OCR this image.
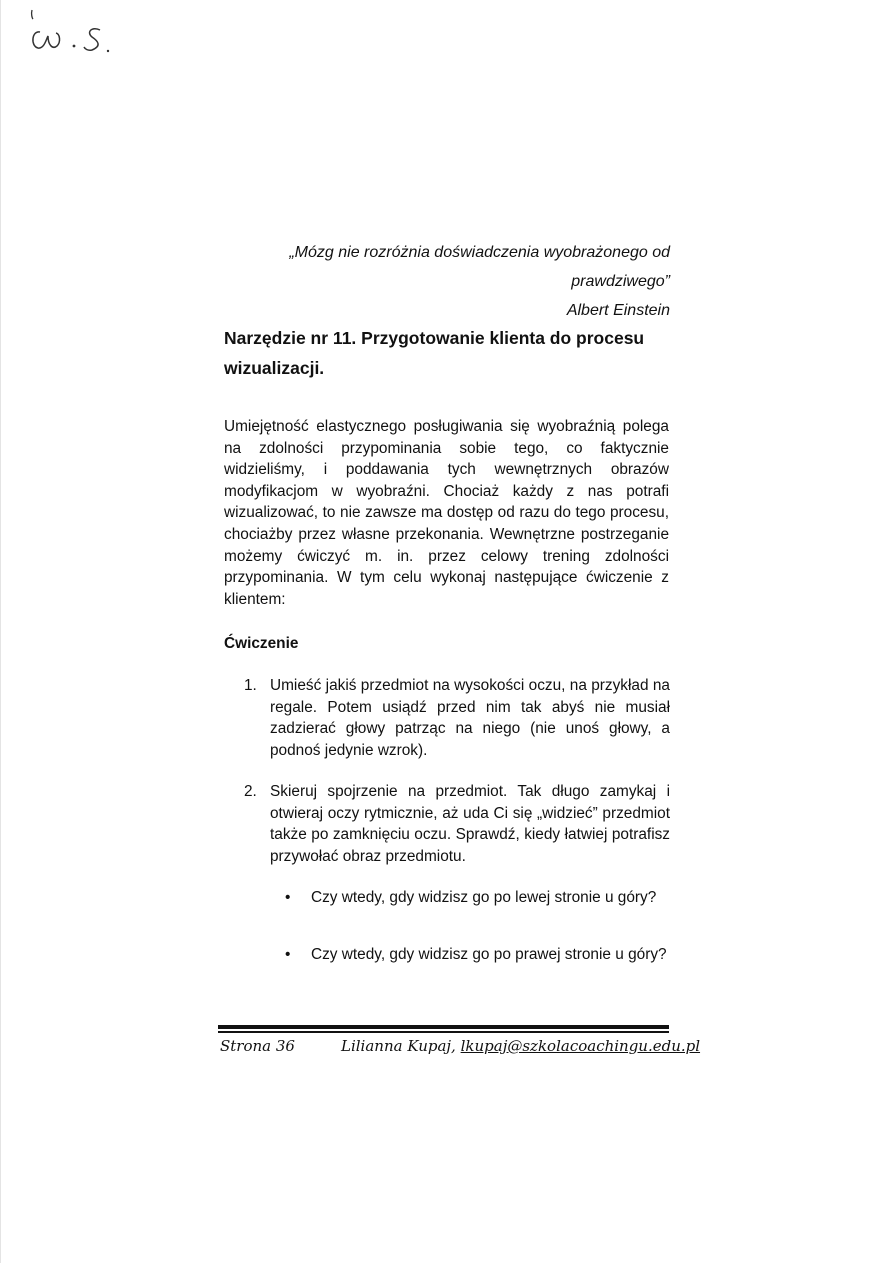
„Mózg nie rozróżnia doświadczenia wyobrażonego od
prawdziwego”
Albert Einstein
Narzędzie nr 11. Przygotowanie klienta do procesu wizualizacji.
Umiejętność elastycznego posługiwania się wyobraźnią polega na zdolności przypominania sobie tego, co faktycznie widzieliśmy, i poddawania tych wewnętrznych obrazów modyfikacjom w wyobraźni. Chociaż każdy z nas potrafi wizualizować, to nie zawsze ma dostęp od razu do tego procesu, chociażby przez własne przekonania. Wewnętrzne postrzeganie możemy ćwiczyć m. in. przez celowy trening zdolności przypominania. W tym celu wykonaj następujące ćwiczenie z klientem:
Ćwiczenie
1. Umieść jakiś przedmiot na wysokości oczu, na przykład na regale. Potem usiądź przed nim tak abyś nie musiał zadzierać głowy patrząc na niego (nie unoś głowy, a podnoś jedynie wzrok).
2. Skieruj spojrzenie na przedmiot. Tak długo zamykaj i otwieraj oczy rytmicznie, aż uda Ci się „widzieć” przedmiot także po zamknięciu oczu. Sprawdź, kiedy łatwiej potrafisz przywołać obraz przedmiotu.
• Czy wtedy, gdy widzisz go po lewej stronie u góry?
• Czy wtedy, gdy widzisz go po prawej stronie u góry?
Strona 36	Lilianna Kupaj, lkupaj@szkolacoachingu.edu.pl
